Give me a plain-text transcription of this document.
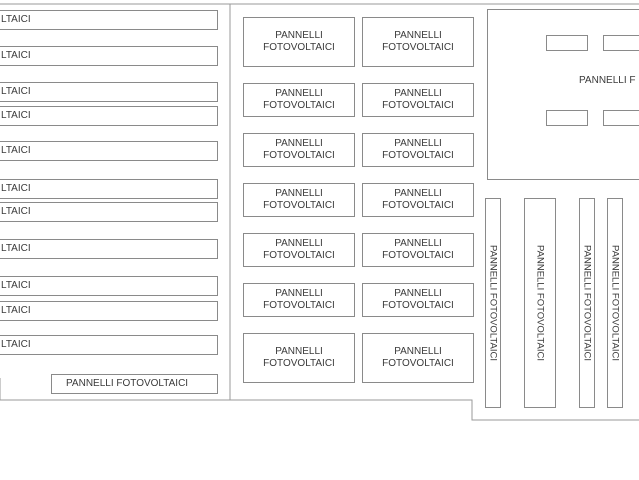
LTAICI
LTAICI
LTAICI
LTAICI
LTAICI
LTAICI
LTAICI
LTAICI
LTAICI
LTAICI
LTAICI
PANNELLI FOTOVOLTAICI
PANNELLI
FOTOVOLTAICI
PANNELLI
FOTOVOLTAICI
PANNELLI
FOTOVOLTAICI
PANNELLI
FOTOVOLTAICI
PANNELLI
FOTOVOLTAICI
PANNELLI
FOTOVOLTAICI
PANNELLI
FOTOVOLTAICI
PANNELLI
FOTOVOLTAICI
PANNELLI
FOTOVOLTAICI
PANNELLI
FOTOVOLTAICI
PANNELLI
FOTOVOLTAICI
PANNELLI
FOTOVOLTAICI
PANNELLI
FOTOVOLTAICI
PANNELLI
FOTOVOLTAICI
PANNELLI F
PANNELLI FOTOVOLTAICI	PANNELLI FOTOVOLTAICI	PANNELLI FOTOVOLTAICI PANNELLI FOTOVOLTAICI
